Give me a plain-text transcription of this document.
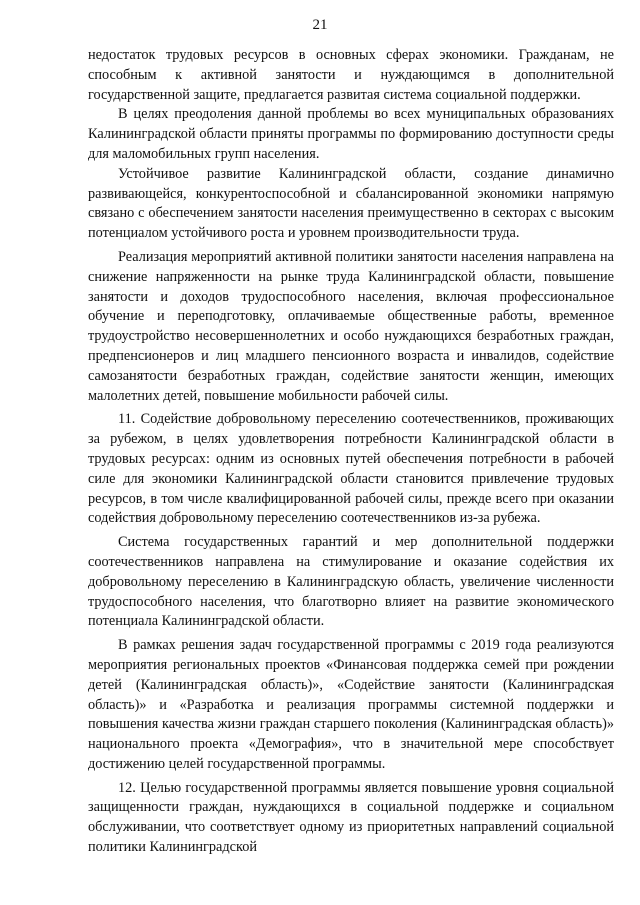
21

недостаток трудовых ресурсов в основных сферах экономики. Гражданам, не способным к активной занятости и нуждающимся в дополнительной государственной защите, предлагается развитая система социальной поддержки.

В целях преодоления данной проблемы во всех муниципальных образованиях Калининградской области приняты программы по формированию доступности среды для маломобильных групп населения.

Устойчивое развитие Калининградской области, создание динамично развивающейся, конкурентоспособной и сбалансированной экономики напрямую связано с обеспечением занятости населения преимущественно в секторах с высоким потенциалом устойчивого роста и уровнем производительности труда.

Реализация мероприятий активной политики занятости населения направлена на снижение напряженности на рынке труда Калининградской области, повышение занятости и доходов трудоспособного населения, включая профессиональное обучение и переподготовку, оплачиваемые общественные работы, временное трудоустройство несовершеннолетних и особо нуждающихся безработных граждан, предпенсионеров и лиц младшего пенсионного возраста и инвалидов, содействие самозанятости безработных граждан, содействие занятости женщин, имеющих малолетних детей, повышение мобильности рабочей силы.

11. Содействие добровольному переселению соотечественников, проживающих за рубежом, в целях удовлетворения потребности Калининградской области в трудовых ресурсах: одним из основных путей обеспечения потребности в рабочей силе для экономики Калининградской области становится привлечение трудовых ресурсов, в том числе квалифицированной рабочей силы, прежде всего при оказании содействия добровольному переселению соотечественников из-за рубежа.

Система государственных гарантий и мер дополнительной поддержки соотечественников направлена на стимулирование и оказание содействия их добровольному переселению в Калининградскую область, увеличение численности трудоспособного населения, что благотворно влияет на развитие экономического потенциала Калининградской области.

В рамках решения задач государственной программы с 2019 года реализуются мероприятия региональных проектов «Финансовая поддержка семей при рождении детей (Калининградская область)», «Содействие занятости (Калининградская область)» и «Разработка и реализация программы системной поддержки и повышения качества жизни граждан старшего поколения (Калининградская область)» национального проекта «Демография», что в значительной мере способствует достижению целей государственной программы.

12. Целью государственной программы является повышение уровня социальной защищенности граждан, нуждающихся в социальной поддержке и социальном обслуживании, что соответствует одному из приоритетных направлений социальной политики Калининградской
